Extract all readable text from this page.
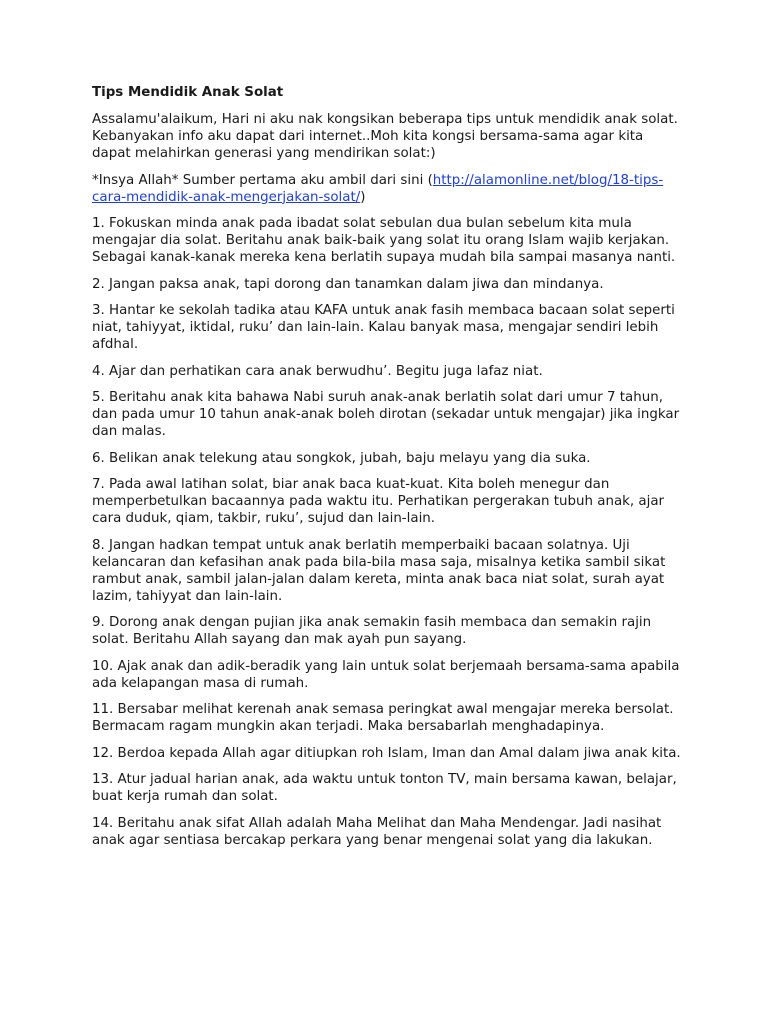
Tips Mendidik Anak Solat

Assalamu'alaikum, Hari ni aku nak kongsikan beberapa tips untuk mendidik anak solat. Kebanyakan info aku dapat dari internet..Moh kita kongsi bersama-sama agar kita dapat melahirkan generasi yang mendirikan solat:)

*Insya Allah* Sumber pertama aku ambil dari sini (http://alamonline.net/blog/18-tips-cara-mendidik-anak-mengerjakan-solat/)

1. Fokuskan minda anak pada ibadat solat sebulan dua bulan sebelum kita mula mengajar dia solat. Beritahu anak baik-baik yang solat itu orang Islam wajib kerjakan. Sebagai kanak-kanak mereka kena berlatih supaya mudah bila sampai masanya nanti.

2. Jangan paksa anak, tapi dorong dan tanamkan dalam jiwa dan mindanya.

3. Hantar ke sekolah tadika atau KAFA untuk anak fasih membaca bacaan solat seperti niat, tahiyyat, iktidal, ruku’ dan lain-lain. Kalau banyak masa, mengajar sendiri lebih afdhal.

4. Ajar dan perhatikan cara anak berwudhu’. Begitu juga lafaz niat.

5. Beritahu anak kita bahawa Nabi suruh anak-anak berlatih solat dari umur 7 tahun, dan pada umur 10 tahun anak-anak boleh dirotan (sekadar untuk mengajar) jika ingkar dan malas.

6. Belikan anak telekung atau songkok, jubah, baju melayu yang dia suka.

7. Pada awal latihan solat, biar anak baca kuat-kuat. Kita boleh menegur dan memperbetulkan bacaannya pada waktu itu. Perhatikan pergerakan tubuh anak, ajar cara duduk, qiam, takbir, ruku’, sujud dan lain-lain.

8. Jangan hadkan tempat untuk anak berlatih memperbaiki bacaan solatnya. Uji kelancaran dan kefasihan anak pada bila-bila masa saja, misalnya ketika sambil sikat rambut anak, sambil jalan-jalan dalam kereta, minta anak baca niat solat, surah ayat lazim, tahiyyat dan lain-lain.

9. Dorong anak dengan pujian jika anak semakin fasih membaca dan semakin rajin solat. Beritahu Allah sayang dan mak ayah pun sayang.

10. Ajak anak dan adik-beradik yang lain untuk solat berjemaah bersama-sama apabila ada kelapangan masa di rumah.

11. Bersabar melihat kerenah anak semasa peringkat awal mengajar mereka bersolat. Bermacam ragam mungkin akan terjadi. Maka bersabarlah menghadapinya.

12. Berdoa kepada Allah agar ditiupkan roh Islam, Iman dan Amal dalam jiwa anak kita.

13. Atur jadual harian anak, ada waktu untuk tonton TV, main bersama kawan, belajar, buat kerja rumah dan solat.

14. Beritahu anak sifat Allah adalah Maha Melihat dan Maha Mendengar. Jadi nasihat anak agar sentiasa bercakap perkara yang benar mengenai solat yang dia lakukan.
